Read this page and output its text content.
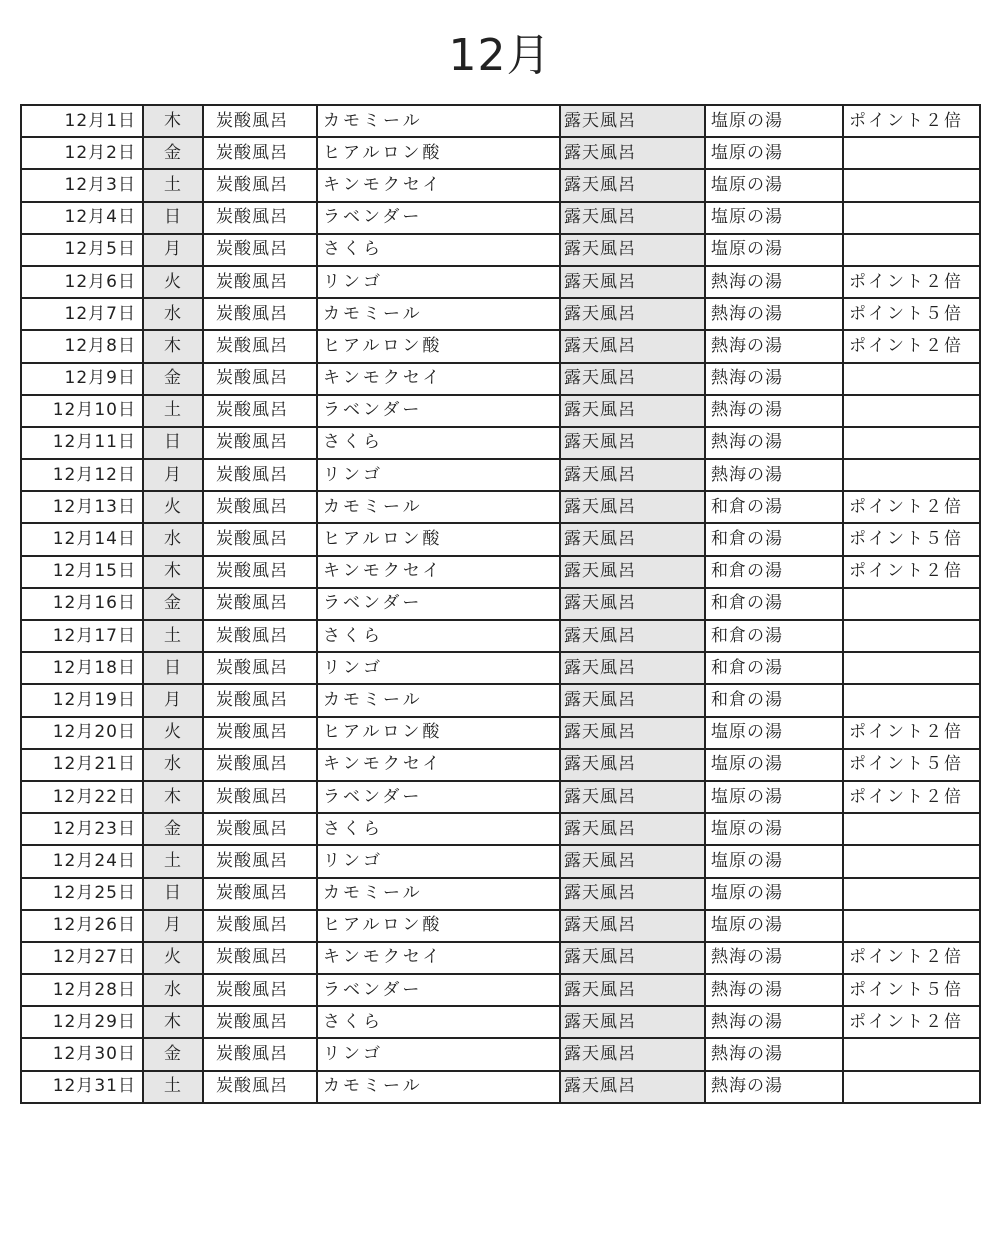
12月
12月1日	木	炭酸風呂	カモミール	露天風呂	塩原の湯	ポイント２倍
12月2日	金	炭酸風呂	ヒアルロン酸	露天風呂	塩原の湯	
12月3日	土	炭酸風呂	キンモクセイ	露天風呂	塩原の湯	
12月4日	日	炭酸風呂	ラベンダー	露天風呂	塩原の湯	
12月5日	月	炭酸風呂	さくら	露天風呂	塩原の湯	
12月6日	火	炭酸風呂	リンゴ	露天風呂	熱海の湯	ポイント２倍
12月7日	水	炭酸風呂	カモミール	露天風呂	熱海の湯	ポイント５倍
12月8日	木	炭酸風呂	ヒアルロン酸	露天風呂	熱海の湯	ポイント２倍
12月9日	金	炭酸風呂	キンモクセイ	露天風呂	熱海の湯	
12月10日	土	炭酸風呂	ラベンダー	露天風呂	熱海の湯	
12月11日	日	炭酸風呂	さくら	露天風呂	熱海の湯	
12月12日	月	炭酸風呂	リンゴ	露天風呂	熱海の湯	
12月13日	火	炭酸風呂	カモミール	露天風呂	和倉の湯	ポイント２倍
12月14日	水	炭酸風呂	ヒアルロン酸	露天風呂	和倉の湯	ポイント５倍
12月15日	木	炭酸風呂	キンモクセイ	露天風呂	和倉の湯	ポイント２倍
12月16日	金	炭酸風呂	ラベンダー	露天風呂	和倉の湯	
12月17日	土	炭酸風呂	さくら	露天風呂	和倉の湯	
12月18日	日	炭酸風呂	リンゴ	露天風呂	和倉の湯	
12月19日	月	炭酸風呂	カモミール	露天風呂	和倉の湯	
12月20日	火	炭酸風呂	ヒアルロン酸	露天風呂	塩原の湯	ポイント２倍
12月21日	水	炭酸風呂	キンモクセイ	露天風呂	塩原の湯	ポイント５倍
12月22日	木	炭酸風呂	ラベンダー	露天風呂	塩原の湯	ポイント２倍
12月23日	金	炭酸風呂	さくら	露天風呂	塩原の湯	
12月24日	土	炭酸風呂	リンゴ	露天風呂	塩原の湯	
12月25日	日	炭酸風呂	カモミール	露天風呂	塩原の湯	
12月26日	月	炭酸風呂	ヒアルロン酸	露天風呂	塩原の湯	
12月27日	火	炭酸風呂	キンモクセイ	露天風呂	熱海の湯	ポイント２倍
12月28日	水	炭酸風呂	ラベンダー	露天風呂	熱海の湯	ポイント５倍
12月29日	木	炭酸風呂	さくら	露天風呂	熱海の湯	ポイント２倍
12月30日	金	炭酸風呂	リンゴ	露天風呂	熱海の湯	
12月31日	土	炭酸風呂	カモミール	露天風呂	熱海の湯	
